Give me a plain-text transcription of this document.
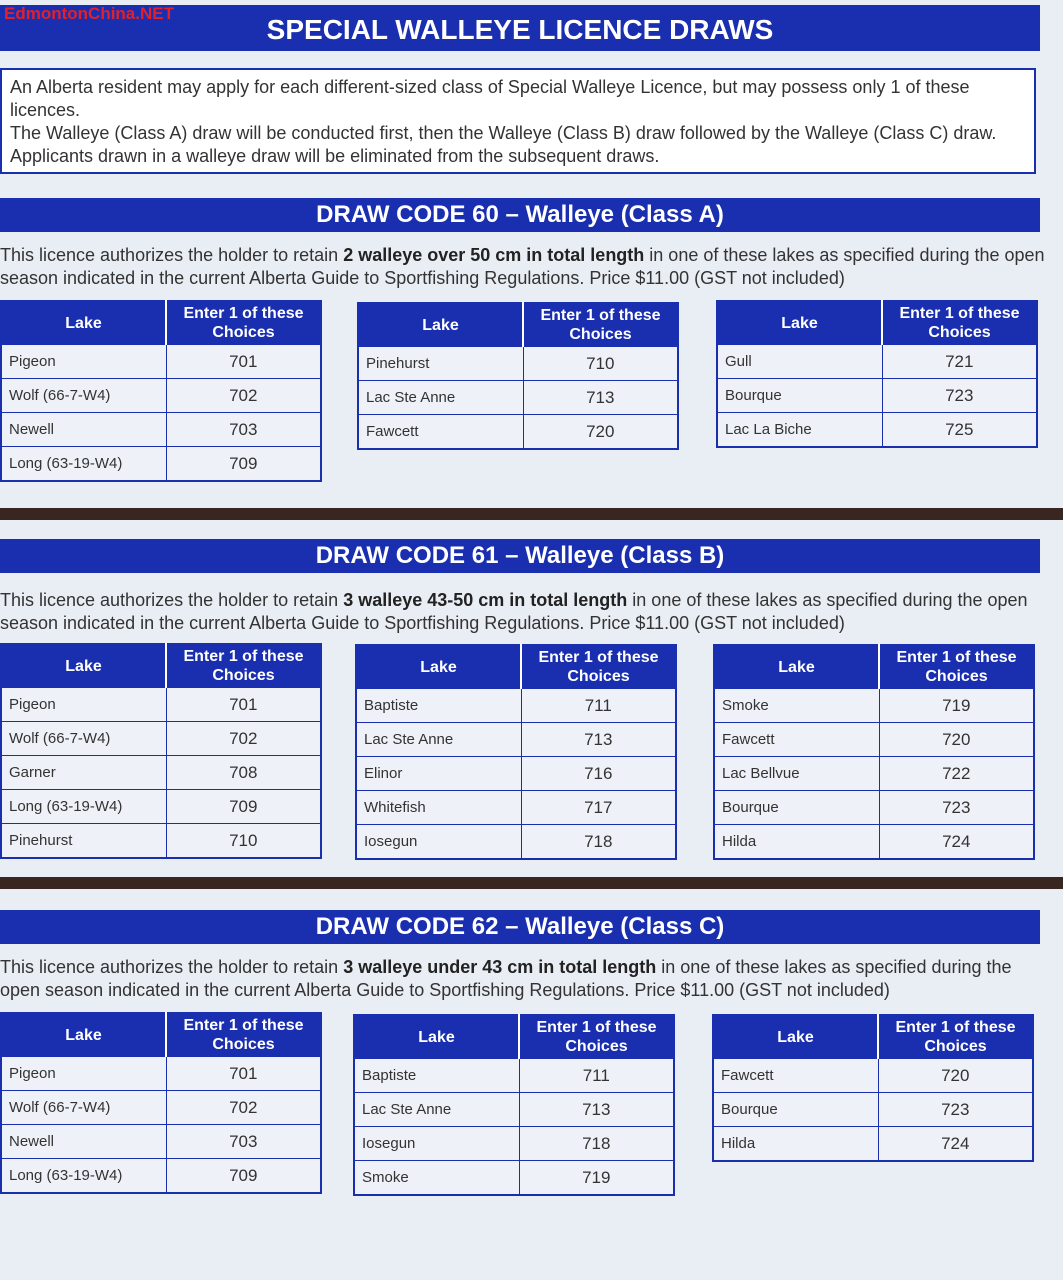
EdmontonChina.NET
SPECIAL WALLEYE LICENCE DRAWS

An Alberta resident may apply for each different-sized class of Special Walleye Licence, but may possess only 1 of these licences.

The Walleye (Class A) draw will be conducted first, then the Walleye (Class B) draw followed by the Walleye (Class C) draw. Applicants drawn in a walleye draw will be eliminated from the subsequent draws.

DRAW CODE 60 – Walleye (Class A)
This licence authorizes the holder to retain 2 walleye over 50 cm in total length in one of these lakes as specified during the open season indicated in the current Alberta Guide to Sportfishing Regulations. Price $11.00 (GST not included)
Lake	Enter 1 of these Choices
Pigeon	701
Wolf (66-7-W4)	702
Newell	703
Long (63-19-W4)	709
Lake	Enter 1 of these Choices
Pinehurst	710
Lac Ste Anne	713
Fawcett	720
Lake	Enter 1 of these Choices
Gull	721
Bourque	723
Lac La Biche	725
DRAW CODE 61 – Walleye (Class B)
This licence authorizes the holder to retain 3 walleye 43-50 cm in total length in one of these lakes as specified during the open season indicated in the current Alberta Guide to Sportfishing Regulations. Price $11.00 (GST not included)
Lake	Enter 1 of these Choices
Pigeon	701
Wolf (66-7-W4)	702
Garner	708
Long (63-19-W4)	709
Pinehurst	710
Lake	Enter 1 of these Choices
Baptiste	711
Lac Ste Anne	713
Elinor	716
Whitefish	717
Iosegun	718
Lake	Enter 1 of these Choices
Smoke	719
Fawcett	720
Lac Bellvue	722
Bourque	723
Hilda	724
DRAW CODE 62 – Walleye (Class C)
This licence authorizes the holder to retain 3 walleye under 43 cm in total length in one of these lakes as specified during the open season indicated in the current Alberta Guide to Sportfishing Regulations. Price $11.00 (GST not included)
Lake	Enter 1 of these Choices
Pigeon	701
Wolf (66-7-W4)	702
Newell	703
Long (63-19-W4)	709
Lake	Enter 1 of these Choices
Baptiste	711
Lac Ste Anne	713
Iosegun	718
Smoke	719
Lake	Enter 1 of these Choices
Fawcett	720
Bourque	723
Hilda	724
